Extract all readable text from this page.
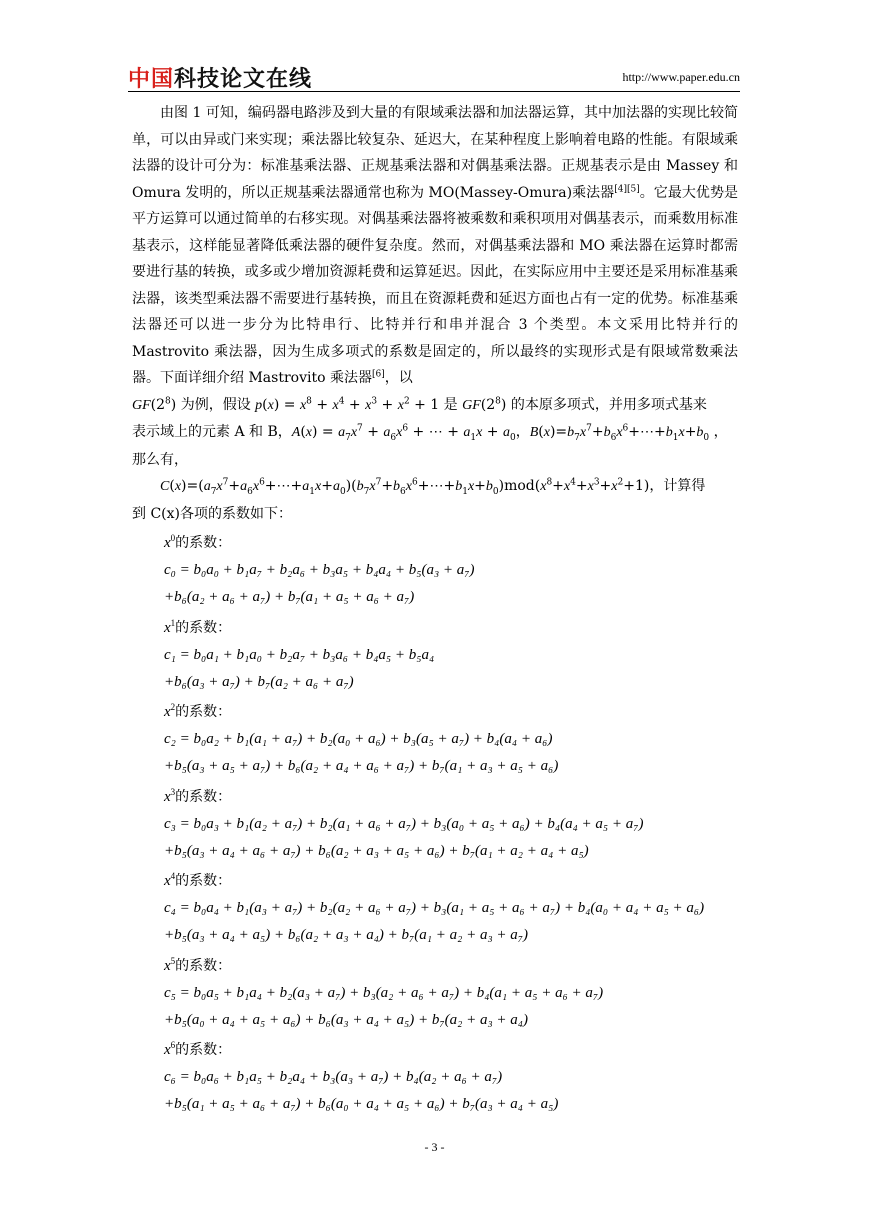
中国科技论文在线	http://www.paper.edu.cn

由图 1 可知，编码器电路涉及到大量的有限域乘法器和加法器运算，其中加法器的实现比较简单，可以由异或门来实现；乘法器比较复杂、延迟大，在某种程度上影响着电路的性能。有限域乘法器的设计可分为：标准基乘法器、正规基乘法器和对偶基乘法器。正规基表示是由 Massey 和 Omura 发明的，所以正规基乘法器通常也称为 MO(Massey-Omura)乘法器[4][5]。它最大优势是平方运算可以通过简单的右移实现。对偶基乘法器将被乘数和乘积项用对偶基表示，而乘数用标准基表示，这样能显著降低乘法器的硬件复杂度。然而，对偶基乘法器和 MO 乘法器在运算时都需要进行基的转换，或多或少增加资源耗费和运算延迟。因此，在实际应用中主要还是采用标准基乘法器，该类型乘法器不需要进行基转换，而且在资源耗费和延迟方面也占有一定的优势。标准基乘法器还可以进一步分为比特串行、比特并行和串并混合 3 个类型。本文采用比特并行的 Mastrovito 乘法器，因为生成多项式的系数是固定的，所以最终的实现形式是有限域常数乘法器。下面详细介绍 Mastrovito 乘法器[6]，以

$GF(2^8)$ 为例，假设 $p(x) = x^8 + x^4 + x^3 + x^2 + 1$ 是 $GF(2^8)$ 的本原多项式，并用多项式基来
表示域上的元素 A 和 B，$A(x) = a_7x^7 + a_6x^6$ + ⋯ + $a_1x + a_0$，$B(x)=b_7x^7+b_6x^6+\cdots+b_1x+b_0$ ，
那么有，
$C(x)=(a_7x^7+a_6x^6+\cdots+a_1x+a_0)(b_7x^7+b_6x^6+\cdots+b_1x+b_0)mod(x^8+x^4+x^3+x^2+1)$，计算得
到 C(x)各项的系数如下：
$x^0$的系数：
c₀ = b₀a₀ + b₁a₇ + b₂a₆ + b₃a₅ + b₄a₄ + b₅(a₃ + a₇)
+b₆(a₂ + a₆ + a₇) + b₇(a₁ + a₅ + a₆ + a₇)
$x^1$的系数：
c₁ = b₀a₁ + b₁a₀ + b₂a₇ + b₃a₆ + b₄a₅ + b₅a₄
+b₆(a₃ + a₇) + b₇(a₂ + a₆ + a₇)
$x^2$的系数：
c₂ = b₀a₂ + b₁(a₁ + a₇) + b₂(a₀ + a₆) + b₃(a₅ + a₇) + b₄(a₄ + a₆)
+b₅(a₃ + a₅ + a₇) + b₆(a₂ + a₄ + a₆ + a₇) + b₇(a₁ + a₃ + a₅ + a₆)
$x^3$的系数：
c₃ = b₀a₃ + b₁(a₂ + a₇) + b₂(a₁ + a₆ + a₇) + b₃(a₀ + a₅ + a₆) + b₄(a₄ + a₅ + a₇)
+b₅(a₃ + a₄ + a₆ + a₇) + b₆(a₂ + a₃ + a₅ + a₆) + b₇(a₁ + a₂ + a₄ + a₅)
$x^4$的系数：
c₄ = b₀a₄ + b₁(a₃ + a₇) + b₂(a₂ + a₆ + a₇) + b₃(a₁ + a₅ + a₆ + a₇) + b₄(a₀ + a₄ + a₅ + a₆)
+b₅(a₃ + a₄ + a₅) + b₆(a₂ + a₃ + a₄) + b₇(a₁ + a₂ + a₃ + a₇)
$x^5$的系数：
c₅ = b₀a₅ + b₁a₄ + b₂(a₃ + a₇) + b₃(a₂ + a₆ + a₇) + b₄(a₁ + a₅ + a₆ + a₇)
+b₅(a₀ + a₄ + a₅ + a₆) + b₆(a₃ + a₄ + a₅) + b₇(a₂ + a₃ + a₄)
$x^6$的系数：
c₆ = b₀a₆ + b₁a₅ + b₂a₄ + b₃(a₃ + a₇) + b₄(a₂ + a₆ + a₇)
+b₅(a₁ + a₅ + a₆ + a₇) + b₆(a₀ + a₄ + a₅ + a₆) + b₇(a₃ + a₄ + a₅)
- 3 -
